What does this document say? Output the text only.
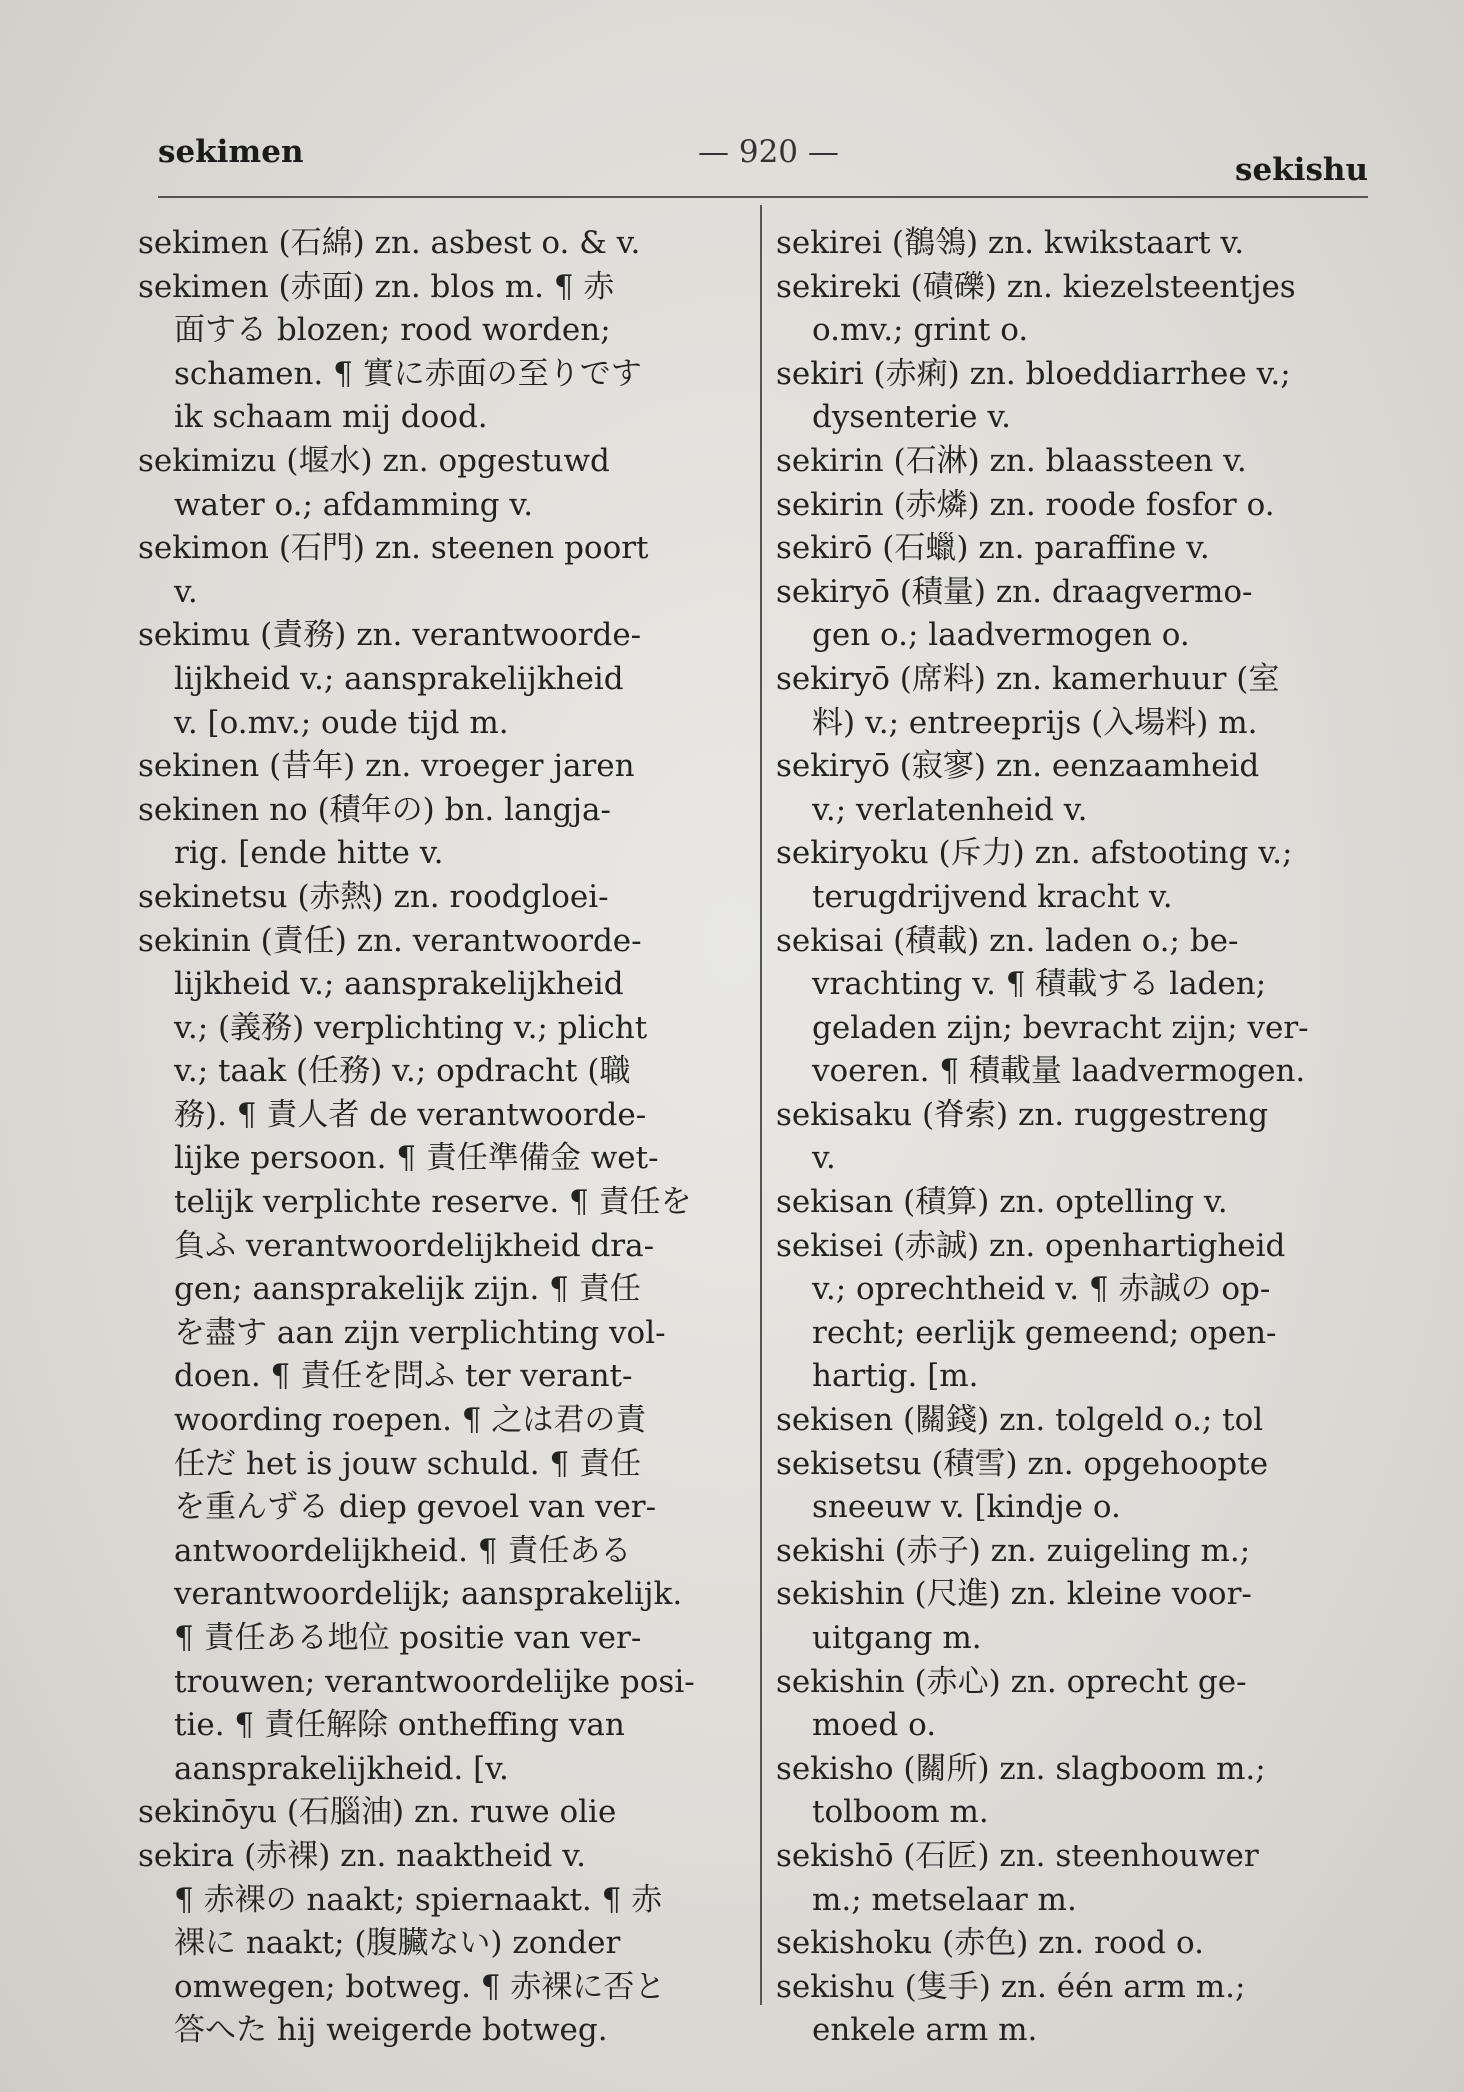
sekimen	— 920 —	sekishu
sekimen (石綿) zn. asbest o. & v.
sekimen (赤面) zn. blos m. ¶ 赤
面する blozen; rood worden;
schamen. ¶ 實に赤面の至りです
ik schaam mij dood.
sekimizu (堰水) zn. opgestuwd
water o.; afdamming v.
sekimon (石門) zn. steenen poort
v.
sekimu (責務) zn. verantwoorde-
lijkheid v.; aansprakelijkheid
v. [o.mv.; oude tijd m.
sekinen (昔年) zn. vroeger jaren
sekinen no (積年の) bn. langja-
rig. [ende hitte v.
sekinetsu (赤熱) zn. roodgloei-
sekinin (責任) zn. verantwoorde-
lijkheid v.; aansprakelijkheid
v.; (義務) verplichting v.; plicht
v.; taak (任務) v.; opdracht (職
務). ¶ 責人者 de verantwoorde-
lijke persoon. ¶ 責任準備金 wet-
telijk verplichte reserve. ¶ 責任を
負ふ verantwoordelijkheid dra-
gen; aansprakelijk zijn. ¶ 責任
を盡す aan zijn verplichting vol-
doen. ¶ 責任を問ふ ter verant-
woording roepen. ¶ 之は君の責
任だ het is jouw schuld. ¶ 責任
を重んずる diep gevoel van ver-
antwoordelijkheid. ¶ 責任ある
verantwoordelijk; aansprakelijk.
¶ 責任ある地位 positie van ver-
trouwen; verantwoordelijke posi-
tie. ¶ 責任解除 ontheffing van
aansprakelijkheid. [v.
sekinōyu (石腦油) zn. ruwe olie
sekira (赤裸) zn. naaktheid v.
¶ 赤裸の naakt; spiernaakt. ¶ 赤
裸に naakt; (腹臟ない) zonder
omwegen; botweg. ¶ 赤裸に否と
答へた hij weigerde botweg.
sekirei (鶺鴒) zn. kwikstaart v.
sekireki (磧礫) zn. kiezelsteentjes
o.mv.; grint o.
sekiri (赤痢) zn. bloeddiarrhee v.;
dysenterie v.
sekirin (石淋) zn. blaassteen v.
sekirin (赤燐) zn. roode fosfor o.
sekirō (石蠟) zn. paraffine v.
sekiryō (積量) zn. draagvermo-
gen o.; laadvermogen o.
sekiryō (席料) zn. kamerhuur (室
料) v.; entreeprijs (入場料) m.
sekiryō (寂寥) zn. eenzaamheid
v.; verlatenheid v.
sekiryoku (斥力) zn. afstooting v.;
terugdrijvend kracht v.
sekisai (積載) zn. laden o.; be-
vrachting v. ¶ 積載する laden;
geladen zijn; bevracht zijn; ver-
voeren. ¶ 積載量 laadvermogen.
sekisaku (脊索) zn. ruggestreng
v.
sekisan (積算) zn. optelling v.
sekisei (赤誠) zn. openhartigheid
v.; oprechtheid v. ¶ 赤誠の op-
recht; eerlijk gemeend; open-
hartig. [m.
sekisen (關錢) zn. tolgeld o.; tol
sekisetsu (積雪) zn. opgehoopte
sneeuw v. [kindje o.
sekishi (赤子) zn. zuigeling m.;
sekishin (尺進) zn. kleine voor-
uitgang m.
sekishin (赤心) zn. oprecht ge-
moed o.
sekisho (關所) zn. slagboom m.;
tolboom m.
sekishō (石匠) zn. steenhouwer
m.; metselaar m.
sekishoku (赤色) zn. rood o.
sekishu (隻手) zn. één arm m.;
enkele arm m.
